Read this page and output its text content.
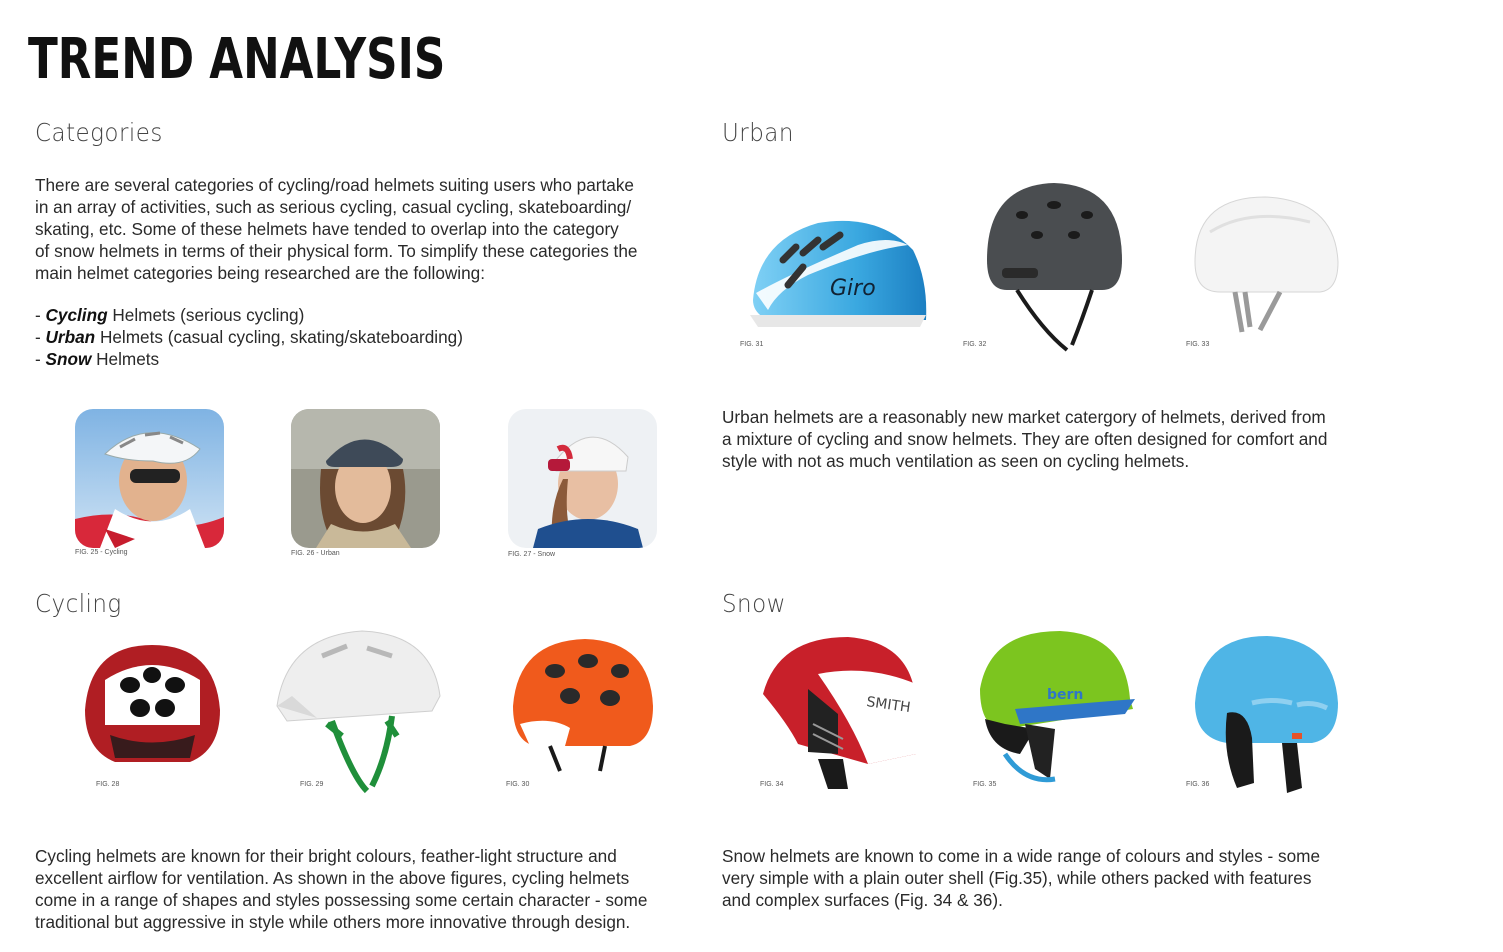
TREND ANALYSIS
Categories

There are several categories of cycling/road helmets suiting users who partake

in an array of activities, such as serious cycling, casual cycling, skateboarding/

skating, etc. Some of these helmets have tended to overlap into the category

of snow helmets in terms of their physical form. To simplify these categories the

main helmet categories being researched are the following:

- Cycling Helmets (serious cycling)
- Urban Helmets (casual cycling, skating/skateboarding)
- Snow Helmets
FIG. 25 - Cycling	FIG. 26 - Urban	FIG. 27 - Snow
Urban
Giro
FIG. 31	FIG. 32	FIG. 33

Urban helmets are a reasonably new market catergory of helmets, derived from

a mixture of cycling and snow helmets. They are often designed for comfort and

style with not as much ventilation as seen on cycling helmets.

Cycling
FIG. 28	FIG. 29	FIG. 30

Cycling helmets are known for their bright colours, feather-light structure and

excellent airflow for ventilation. As shown in the above figures, cycling helmets

come in a range of shapes and styles possessing some certain character - some

traditional but aggressive in style while others more innovative through design.

Snow
SMITH
FIG. 34
bern
FIG. 35	FIG. 36

Snow helmets are known to come in a wide range of colours and styles - some

very simple with a plain outer shell (Fig.35), while others packed with features

and complex surfaces (Fig. 34 & 36).
